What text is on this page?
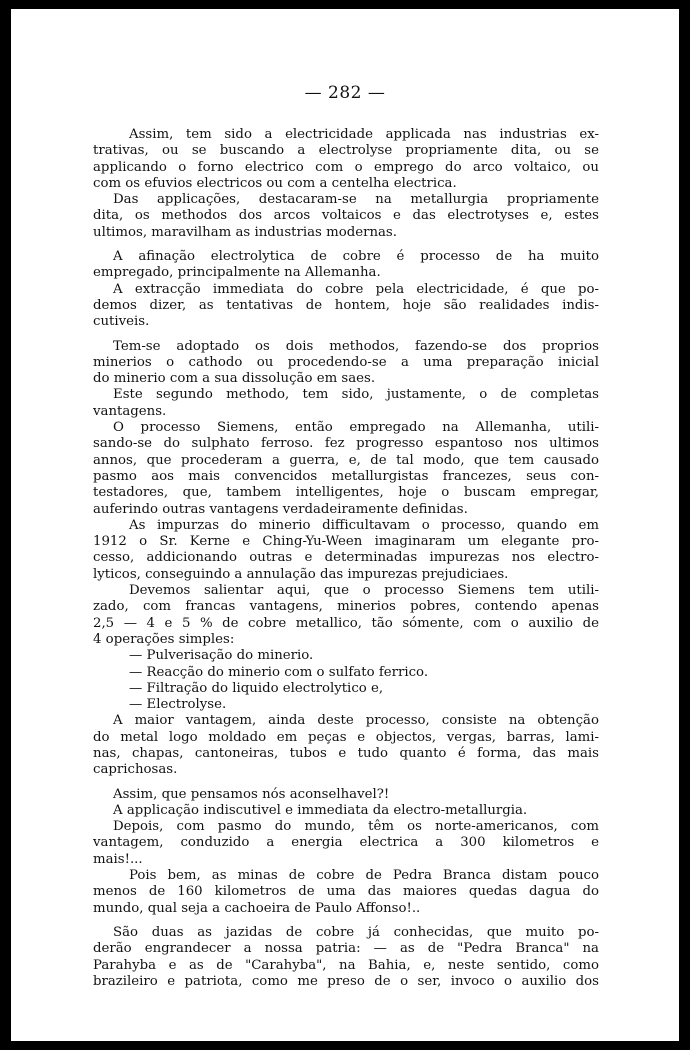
— 282 —
Assim, tem sido a electricidade applicada nas industrias ex-
trativas, ou se buscando a electrolyse propriamente dita, ou se
applicando o forno electrico com o emprego do arco voltaico, ou
com os efuvios electricos ou com a centelha electrica.
Das applicações, destacaram-se na metallurgia propriamente
dita, os methodos dos arcos voltaicos e das electrotyses e, estes
ultimos, maravilham as industrias modernas.
A afinação electrolytica de cobre é processo de ha muito
empregado, principalmente na Allemanha.
A extracção immediata do cobre pela electricidade, é que po-
demos dizer, as tentativas de hontem, hoje são realidades indis-
cutiveis.
Tem-se adoptado os dois methodos, fazendo-se dos proprios
minerios o cathodo ou procedendo-se a uma preparação inicial
do minerio com a sua dissolução em saes.
Este segundo methodo, tem sido, justamente, o de completas
vantagens.
O processo Siemens, então empregado na Allemanha, utili-
sando-se do sulphato ferroso. fez progresso espantoso nos ultimos
annos, que procederam a guerra, e, de tal modo, que tem causado
pasmo aos mais convencidos metallurgistas francezes, seus con-
testadores, que, tambem intelligentes, hoje o buscam empregar,
auferindo outras vantagens verdadeiramente definidas.
As impurzas do minerio difficultavam o processo, quando em
1912 o Sr. Kerne e Ching-Yu-Ween imaginaram um elegante pro-
cesso, addicionando outras e determinadas impurezas nos electro-
lyticos, conseguindo a annulação das impurezas prejudiciaes.
Devemos salientar aqui, que o processo Siemens tem utili-
zado, com francas vantagens, minerios pobres, contendo apenas
2,5 — 4 e 5 % de cobre metallico, tão sómente, com o auxilio de
4 operações simples:
— Pulverisação do minerio.
— Reacção do minerio com o sulfato ferrico.
— Filtração do liquido electrolytico e,
— Electrolyse.
A maior vantagem, ainda deste processo, consiste na obtenção
do metal logo moldado em peças e objectos, vergas, barras, lami-
nas, chapas, cantoneiras, tubos e tudo quanto é forma, das mais
caprichosas.
Assim, que pensamos nós aconselhavel?!
A applicação indiscutivel e immediata da electro-metallurgia.
Depois, com pasmo do mundo, têm os norte-americanos, com
vantagem, conduzido a energia electrica a 300 kilometros e
mais!...
Pois bem, as minas de cobre de Pedra Branca distam pouco
menos de 160 kilometros de uma das maiores quedas dagua do
mundo, qual seja a cachoeira de Paulo Affonso!..
São duas as jazidas de cobre já conhecidas, que muito po-
derão engrandecer a nossa patria: — as de "Pedra Branca" na
Parahyba e as de "Carahyba", na Bahia, e, neste sentido, como
brazileiro e patriota, como me preso de o ser, invoco o auxilio dos
